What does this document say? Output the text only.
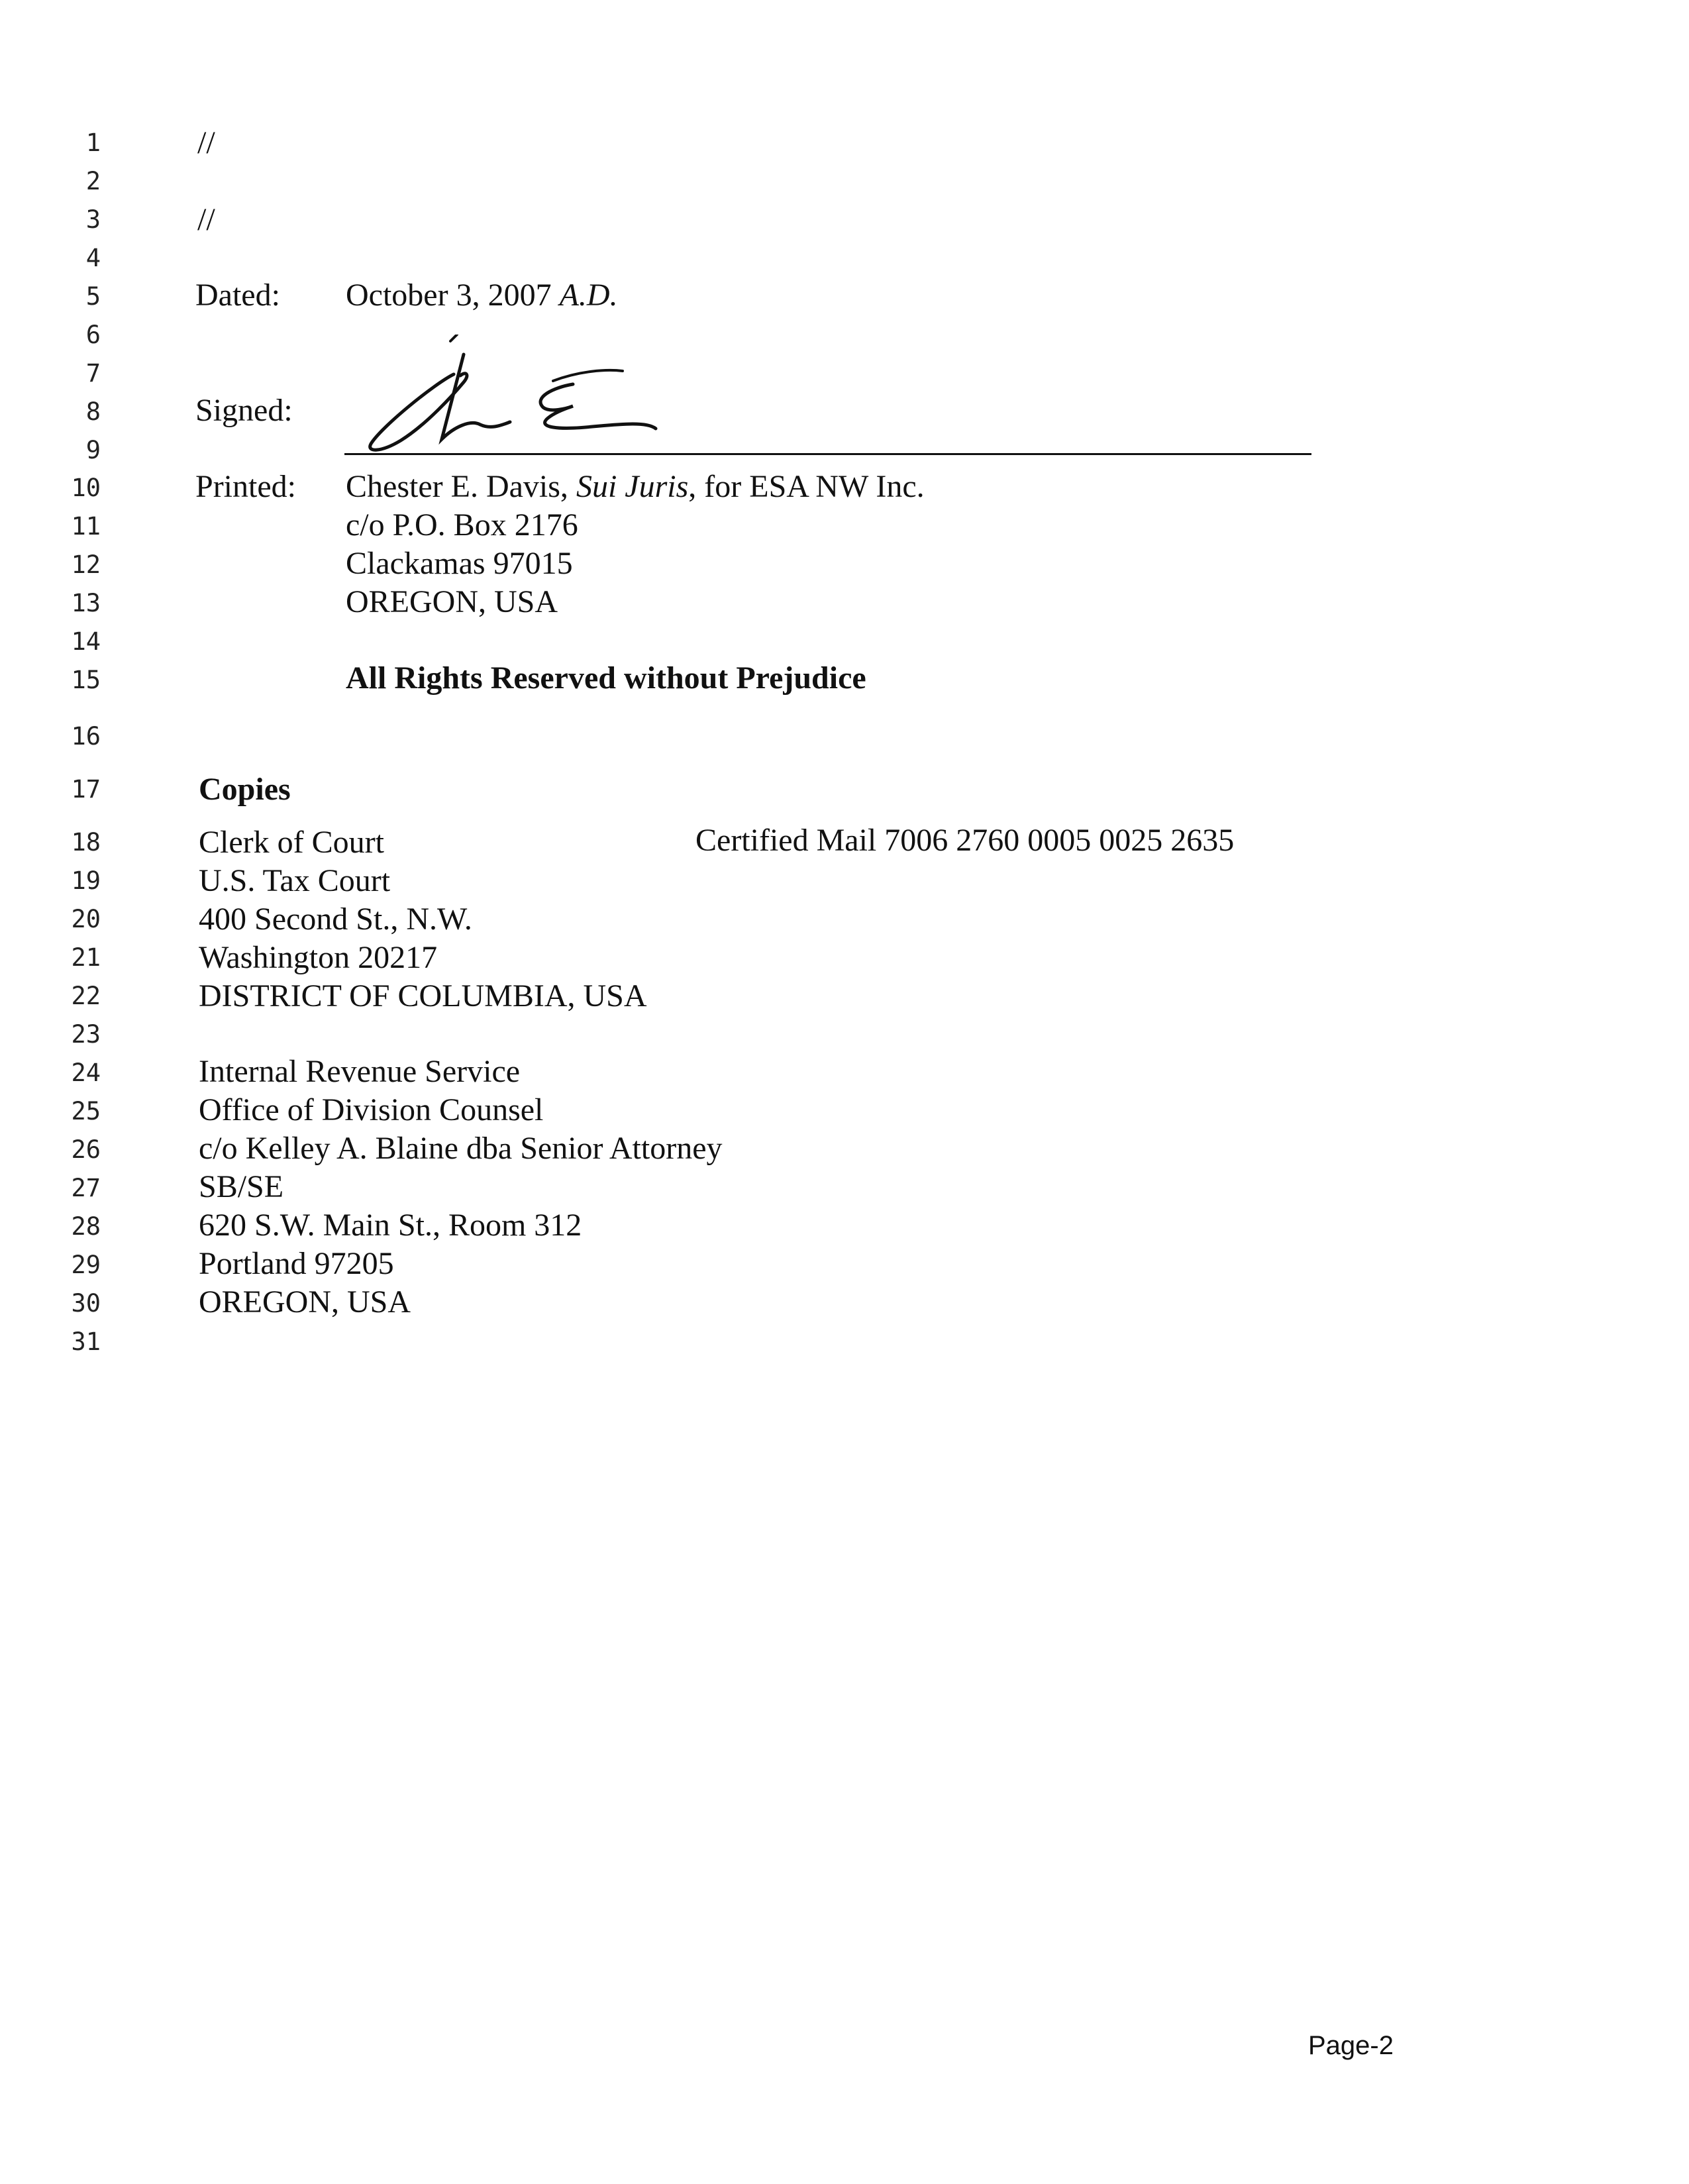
1
2
3
4
5
6
7
8
9
10
11
12
13
14
15
16
17
18
19
20
21
22
23
24
25
26
27
28
29
30
31
//
//
Dated: October 3, 2007 A.D.
Signed:
Printed: Chester E. Davis, Sui Juris, for ESA NW Inc.
c/o P.O. Box 2176
Clackamas 97015
OREGON, USA
All Rights Reserved without Prejudice
Copies
Certified Mail 7006 2760 0005 0025 2635
Clerk of Court
U.S. Tax Court
400 Second St., N.W.
Washington 20217
DISTRICT OF COLUMBIA, USA
Internal Revenue Service
Office of Division Counsel
c/o Kelley A. Blaine dba Senior Attorney
SB/SE
620 S.W. Main St., Room 312
Portland 97205
OREGON, USA
Page-2
